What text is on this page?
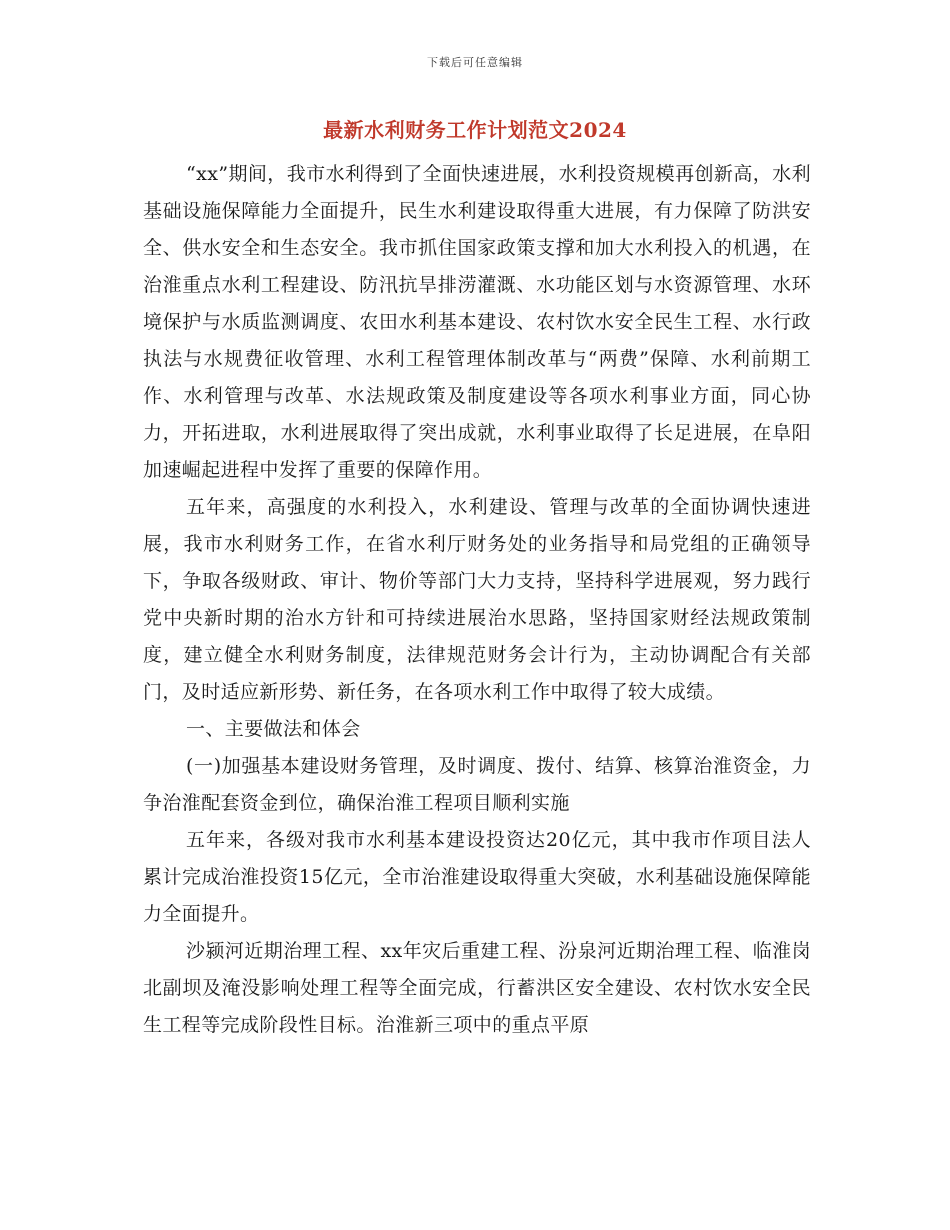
下载后可任意编辑
最新水利财务工作计划范文2024

“xx”期间，我市水利得到了全面快速进展，水利投资规模再创新高，水利基础设施保障能力全面提升，民生水利建设取得重大进展，有力保障了防洪安全、供水安全和生态安全。我市抓住国家政策支撑和加大水利投入的机遇，在治淮重点水利工程建设、防汛抗旱排涝灌溉、水功能区划与水资源管理、水环境保护与水质监测调度、农田水利基本建设、农村饮水安全民生工程、水行政执法与水规费征收管理、水利工程管理体制改革与“两费”保障、水利前期工作、水利管理与改革、水法规政策及制度建设等各项水利事业方面，同心协力，开拓进取，水利进展取得了突出成就，水利事业取得了长足进展，在阜阳加速崛起进程中发挥了重要的保障作用。

五年来，高强度的水利投入，水利建设、管理与改革的全面协调快速进展，我市水利财务工作，在省水利厅财务处的业务指导和局党组的正确领导下，争取各级财政、审计、物价等部门大力支持，坚持科学进展观，努力践行党中央新时期的治水方针和可持续进展治水思路，坚持国家财经法规政策制度，建立健全水利财务制度，法律规范财务会计行为，主动协调配合有关部门，及时适应新形势、新任务，在各项水利工作中取得了较大成绩。

一、主要做法和体会

(一)加强基本建设财务管理，及时调度、拨付、结算、核算治淮资金，力争治淮配套资金到位，确保治淮工程项目顺利实施

五年来，各级对我市水利基本建设投资达20亿元，其中我市作项目法人累计完成治淮投资15亿元，全市治淮建设取得重大突破，水利基础设施保障能力全面提升。

沙颍河近期治理工程、xx年灾后重建工程、汾泉河近期治理工程、临淮岗北副坝及淹没影响处理工程等全面完成，行蓄洪区安全建设、农村饮水安全民生工程等完成阶段性目标。治淮新三项中的重点平原
